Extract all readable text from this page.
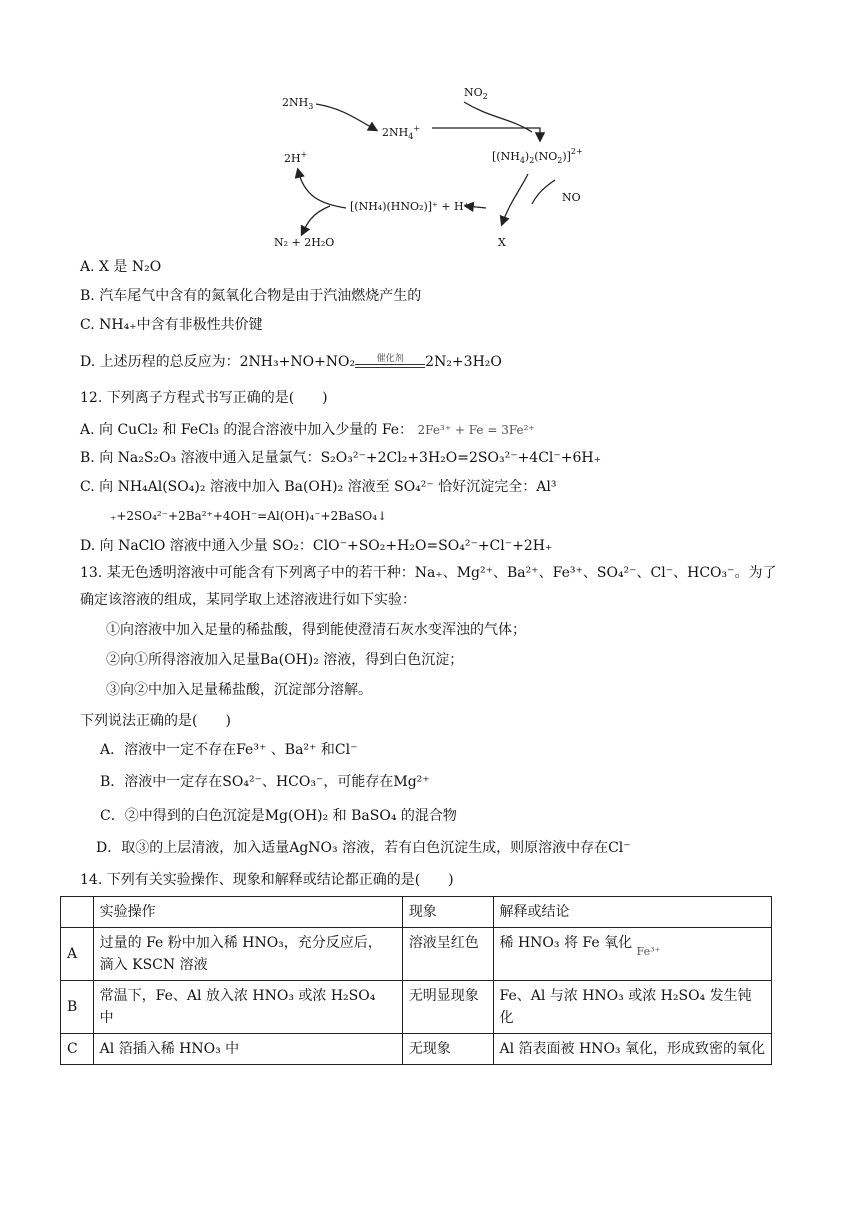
$2NH_3$
$2NH_4^+$
$NO_2$
$[(NH_4)_2(NO_2)]^{2+}$
2H+
NO
[(NH₄)(HNO₂)]⁺ + H⁺
N₂ + 2H₂O	X
A. X 是 N₂O
B. 汽车尾气中含有的氮氧化合物是由于汽油燃烧产生的
C. NH₄₊中含有非极性共价键
D. 上述历程的总反应为：2NH₃+NO+NO₂	催化剂	2N₂+3H₂O
12. 下列离子方程式书写正确的是(　　)
A. 向 CuCl₂ 和 FeCl₃ 的混合溶液中加入少量的 Fe： 2Fe³⁺ + Fe = 3Fe²⁺
B. 向 Na₂S₂O₃ 溶液中通入足量氯气：S₂O₃²⁻+2Cl₂+3H₂O=2SO₃²⁻+4Cl⁻+6H₊
C. 向 NH₄Al(SO₄)₂ 溶液中加入 Ba(OH)₂ 溶液至 SO₄²⁻ 恰好沉淀完全：Al³
₊+2SO₄²⁻+2Ba²⁺+4OH⁻=Al(OH)₄⁻+2BaSO₄↓
D. 向 NaClO 溶液中通入少量 SO₂：ClO⁻+SO₂+H₂O=SO₄²⁻+Cl⁻+2H₊
13. 某无色透明溶液中可能含有下列离子中的若干种：Na₊、Mg²⁺、Ba²⁺、Fe³⁺、SO₄²⁻、Cl⁻、HCO₃⁻。为了
确定该溶液的组成，某同学取上述溶液进行如下实验：
①向溶液中加入足量的稀盐酸，得到能使澄清石灰水变浑浊的气体；
②向①所得溶液加入足量Ba(OH)₂ 溶液，得到白色沉淀；
③向②中加入足量稀盐酸，沉淀部分溶解。
下列说法正确的是(　　)
A．溶液中一定不存在Fe³⁺ 、Ba²⁺ 和Cl⁻
B．溶液中一定存在SO₄²⁻、HCO₃⁻，可能存在Mg²⁺
C．②中得到的白色沉淀是Mg(OH)₂ 和 BaSO₄ 的混合物
D．取③的上层清液，加入适量AgNO₃ 溶液，若有白色沉淀生成，则原溶液中存在Cl⁻
14. 下列有关实验操作、现象和解释或结论都正确的是(　　)
	实验操作	现象	解释或结论
A	过量的 Fe 粉中加入稀 HNO₃，充分反应后，
滴入 KSCN 溶液	溶液呈红色	稀 HNO₃ 将 Fe 氧化 $_{Fe^{3+}}$
B	常温下，Fe、Al 放入浓 HNO₃ 或浓 H₂SO₄
中	无明显现象	Fe、Al 与浓 HNO₃ 或浓 H₂SO₄ 发生钝化
C	Al 箔插入稀 HNO₃ 中	无现象	Al 箔表面被 HNO₃ 氧化，形成致密的氧化
